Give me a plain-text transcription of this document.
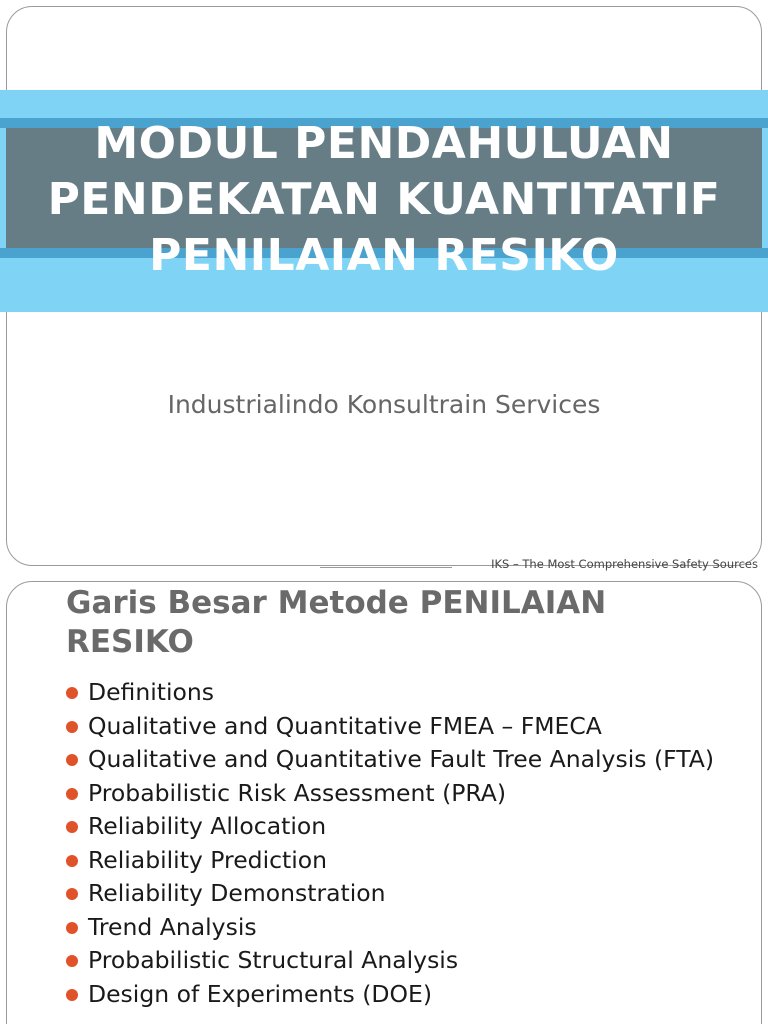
MODUL PENDAHULUAN
PENDEKATAN KUANTITATIF
PENILAIAN RESIKO
Industrialindo Konsultrain Services
IKS – The Most Comprehensive Safety Sources
Garis Besar Metode PENILAIAN RESIKO
Definitions
Qualitative and Quantitative FMEA – FMECA
Qualitative and Quantitative Fault Tree Analysis (FTA)
Probabilistic Risk Assessment (PRA)
Reliability Allocation
Reliability Prediction
Reliability Demonstration
Trend Analysis
Probabilistic Structural Analysis
Design of Experiments (DOE)
